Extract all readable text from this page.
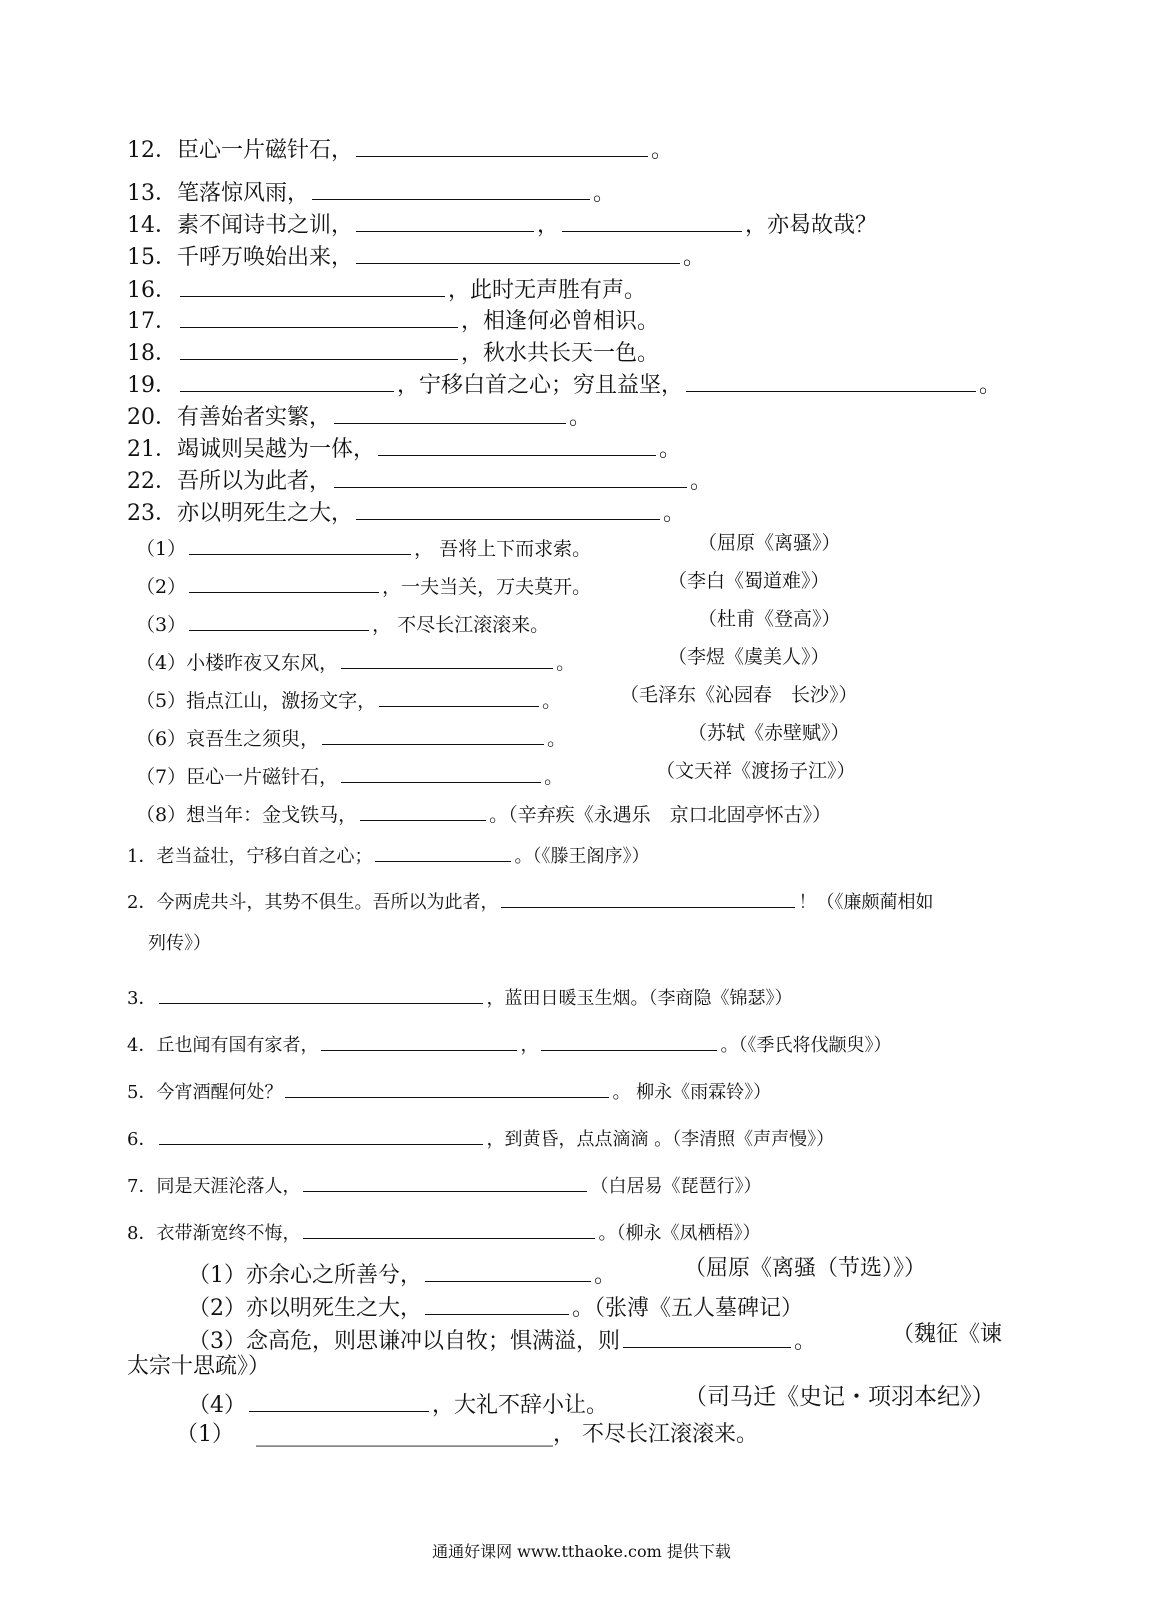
12．臣心一片磁针石，	。
13．笔落惊风雨，	。
14．素不闻诗书之训，	，	，亦曷故哉？
15．千呼万唤始出来，	。
16．	，此时无声胜有声。
17．	，相逢何必曾相识。
18．	，秋水共长天一色。
19．	，宁移白首之心；穷且益坚，	。
20．有善始者实繁，	。
21．竭诚则吴越为一体，	。
22．吾所以为此者，	。
23．亦以明死生之大，	。
（1）	， 吾将上下而求索。	（屈原《离骚》）
（2）	，一夫当关，万夫莫开。	（李白《蜀道难》）
（3）	， 不尽长江滚滚来。	（杜甫《登高》）
（4）小楼昨夜又东风，	。	（李煜《虞美人》）
（5）指点江山，激扬文字，	。	（毛泽东《沁园春　长沙》）
（6）哀吾生之须臾，	。	（苏轼《赤壁赋》）
（7）臣心一片磁针石，	。	（文天祥《渡扬子江》）
（8）想当年：金戈铁马，	。（辛弃疾《永遇乐　京口北固亭怀古》）
1．老当益壮，宁移白首之心；	。（《滕王阁序》）
2．今两虎共斗，其势不俱生。吾所以为此者，	！（《廉颇蔺相如
列传》）
3．	，蓝田日暖玉生烟。（李商隐《锦瑟》）
4．丘也闻有国有家者，	，	。（《季氏将伐颛臾》）
5．今宵酒醒何处？	。 柳永《雨霖铃》）
6．	，到黄昏，点点滴滴 。（李清照《声声慢》）
7．同是天涯沦落人，	（白居易《琵琶行》）
8．衣带渐宽终不悔，	。（柳永《凤栖梧》）
（1）亦余心之所善兮，	。	（屈原《离骚（节选）》）
（2）亦以明死生之大，	。（张溥《五人墓碑记）
（3）念高危，则思谦冲以自牧；惧满溢，则	。	（魏征《谏
太宗十思疏》）
（4）	，大礼不辞小让。	（司马迁《史记・项羽本纪》）
（1） ___________________________， 不尽长江滚滚来。
通通好课网 www.tthaoke.com 提供下载
